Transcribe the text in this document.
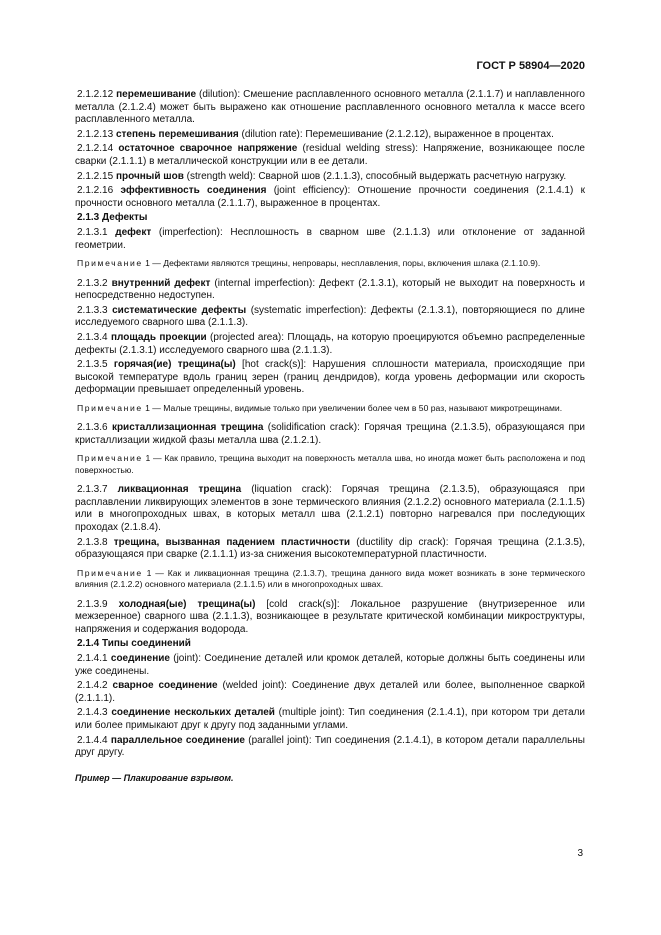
ГОСТ Р 58904—2020
2.1.2.12 перемешивание (dilution): Смешение расплавленного основного металла (2.1.1.7) и наплавленного металла (2.1.2.4) может быть выражено как отношение расплавленного основного металла к массе всего расплавленного металла.
2.1.2.13 степень перемешивания (dilution rate): Перемешивание (2.1.2.12), выраженное в процентах.
2.1.2.14 остаточное сварочное напряжение (residual welding stress): Напряжение, возникающее после сварки (2.1.1.1) в металлической конструкции или в ее детали.
2.1.2.15 прочный шов (strength weld): Сварной шов (2.1.1.3), способный выдержать расчетную нагрузку.
2.1.2.16 эффективность соединения (joint efficiency): Отношение прочности соединения (2.1.4.1) к прочности основного металла (2.1.1.7), выраженное в процентах.
2.1.3 Дефекты
2.1.3.1 дефект (imperfection): Несплошность в сварном шве (2.1.1.3) или отклонение от заданной геометрии.
Примечание 1 — Дефектами являются трещины, непровары, несплавления, поры, включения шлака (2.1.10.9).
2.1.3.2 внутренний дефект (internal imperfection): Дефект (2.1.3.1), который не выходит на поверхность и непосредственно недоступен.
2.1.3.3 систематические дефекты (systematic imperfection): Дефекты (2.1.3.1), повторяющиеся по длине исследуемого сварного шва (2.1.1.3).
2.1.3.4 площадь проекции (projected area): Площадь, на которую проецируются объемно распределенные дефекты (2.1.3.1) исследуемого сварного шва (2.1.1.3).
2.1.3.5 горячая(ие) трещина(ы) [hot crack(s)]: Нарушения сплошности материала, происходящие при высокой температуре вдоль границ зерен (границ дендридов), когда уровень деформации или скорость деформации превышает определенный уровень.
Примечание 1 — Малые трещины, видимые только при увеличении более чем в 50 раз, называют микротрещинами.
2.1.3.6 кристаллизационная трещина (solidification crack): Горячая трещина (2.1.3.5), образующаяся при кристаллизации жидкой фазы металла шва (2.1.2.1).
Примечание 1 — Как правило, трещина выходит на поверхность металла шва, но иногда может быть расположена и под поверхностью.
2.1.3.7 ликвационная трещина (liquation crack): Горячая трещина (2.1.3.5), образующаяся при расплавлении ликвирующих элементов в зоне термического влияния (2.1.2.2) основного материала (2.1.1.5) или в многопроходных швах, в которых металл шва (2.1.2.1) повторно нагревался при последующих проходах (2.1.8.4).
2.1.3.8 трещина, вызванная падением пластичности (ductility dip crack): Горячая трещина (2.1.3.5), образующаяся при сварке (2.1.1.1) из-за снижения высокотемпературной пластичности.
Примечание 1 — Как и ликвационная трещина (2.1.3.7), трещина данного вида может возникать в зоне термического влияния (2.1.2.2) основного материала (2.1.1.5) или в многопроходных швах.
2.1.3.9 холодная(ые) трещина(ы) [cold crack(s)]: Локальное разрушение (внутризеренное или межзеренное) сварного шва (2.1.1.3), возникающее в результате критической комбинации микроструктуры, напряжения и содержания водорода.
2.1.4 Типы соединений
2.1.4.1 соединение (joint): Соединение деталей или кромок деталей, которые должны быть соединены или уже соединены.
2.1.4.2 сварное соединение (welded joint): Соединение двух деталей или более, выполненное сваркой (2.1.1.1).
2.1.4.3 соединение нескольких деталей (multiple joint): Тип соединения (2.1.4.1), при котором три детали или более примыкают друг к другу под заданными углами.
2.1.4.4 параллельное соединение (parallel joint): Тип соединения (2.1.4.1), в котором детали параллельны друг другу.
Пример — Плакирование взрывом.
3
